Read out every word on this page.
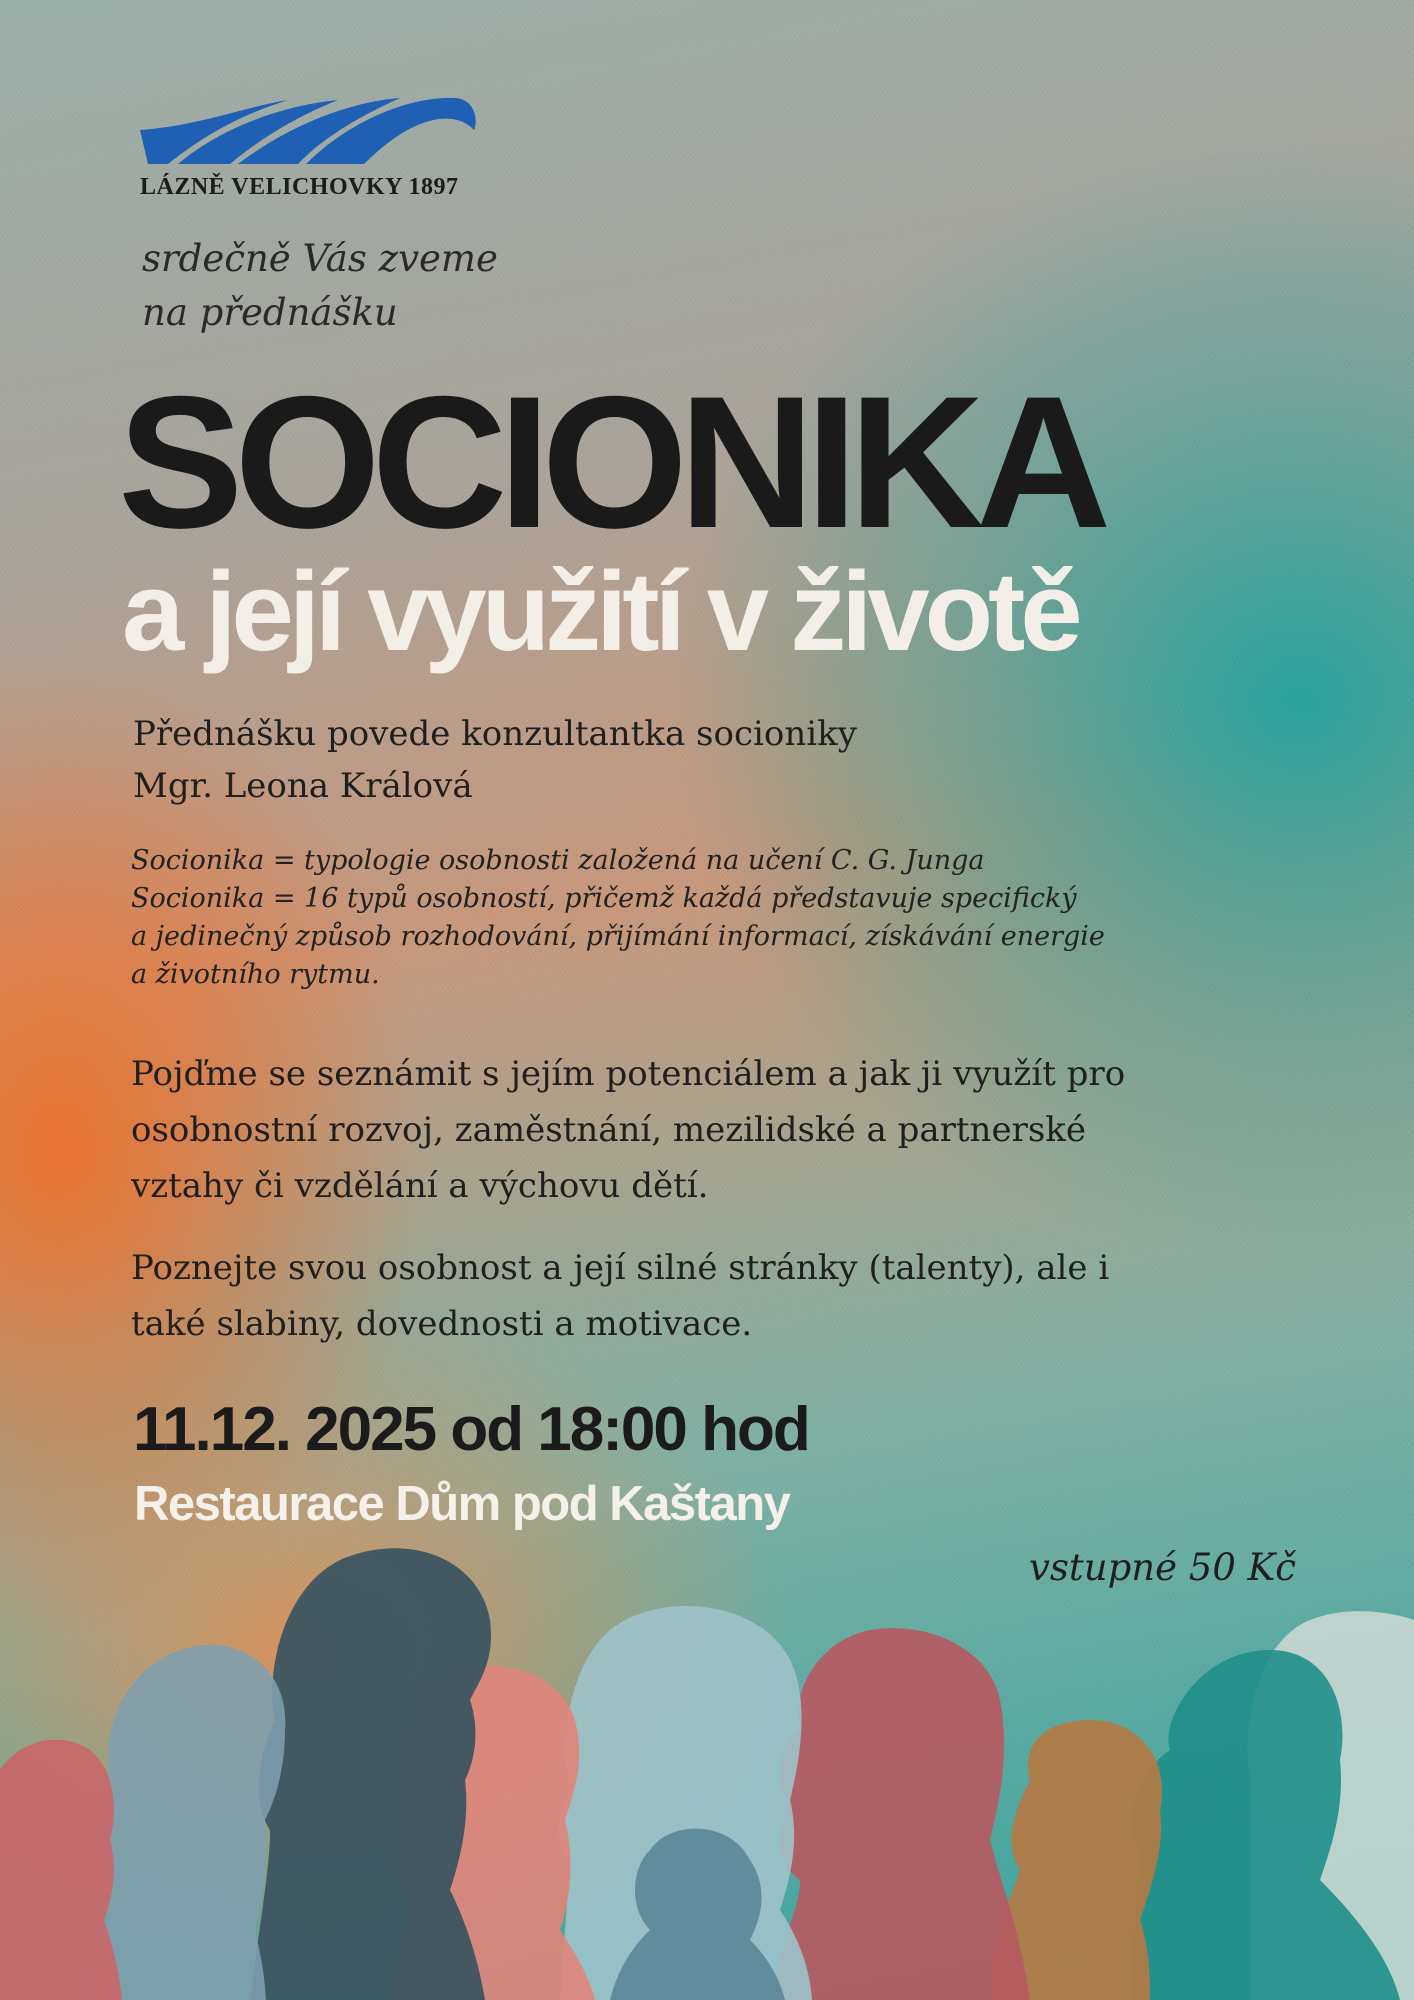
LÁZNĚ VELICHOVKY 1897
srdečně Vás zveme
na přednášku
SOCIONIKA
a její využití v životě
Přednášku povede konzultantka socioniky
Mgr. Leona Králová
Socionika = typologie osobnosti založená na učení C. G. Junga
Socionika = 16 typů osobností, přičemž každá představuje specifický
a jedinečný způsob rozhodování, přijímání informací, získávání energie
a životního rytmu.
Pojďme se seznámit s jejím potenciálem a jak ji využít pro
osobnostní rozvoj, zaměstnání, mezilidské a partnerské
vztahy či vzdělání a výchovu dětí.
Poznejte svou osobnost a její silné stránky (talenty), ale i
také slabiny, dovednosti a motivace.
11.12. 2025 od 18:00 hod
Restaurace Dům pod Kaštany
vstupné 50 Kč
